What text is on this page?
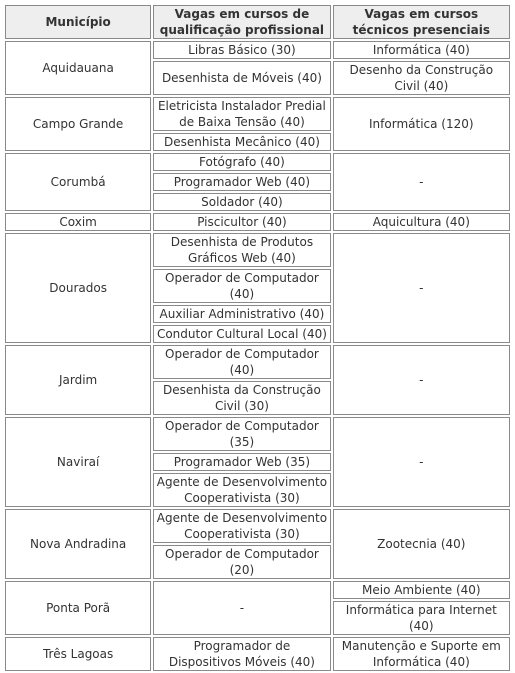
Município	Vagas em cursos de qualificação profissional	Vagas em cursos técnicos presenciais
Aquidauana	Libras Básico (30)	Informática (40)
	Desenhista de Móveis (40)	Desenho da Construção Civil (40)
Campo Grande	Eletricista Instalador Predial de Baixa Tensão (40)	Informática (120)
	Desenhista Mecânico (40)	
Corumbá	Fotógrafo (40)	-
	Programador Web (40)	
	Soldador (40)	
Coxim	Piscicultor (40)	Aquicultura (40)
Dourados	Desenhista de Produtos Gráficos Web (40)	-
	Operador de Computador (40)	
	Auxiliar Administrativo (40)	
	Condutor Cultural Local (40)	
Jardim	Operador de Computador (40)	-
	Desenhista da Construção Civil (30)	
Naviraí	Operador de Computador (35)	-
	Programador Web (35)	
	Agente de Desenvolvimento Cooperativista (30)	
Nova Andradina	Agente de Desenvolvimento Cooperativista (30)	Zootecnia (40)
	Operador de Computador (20)	
Ponta Porã	-	Meio Ambiente (40)
		Informática para Internet (40)
Três Lagoas	Programador de Dispositivos Móveis (40)	Manutenção e Suporte em Informática (40)
